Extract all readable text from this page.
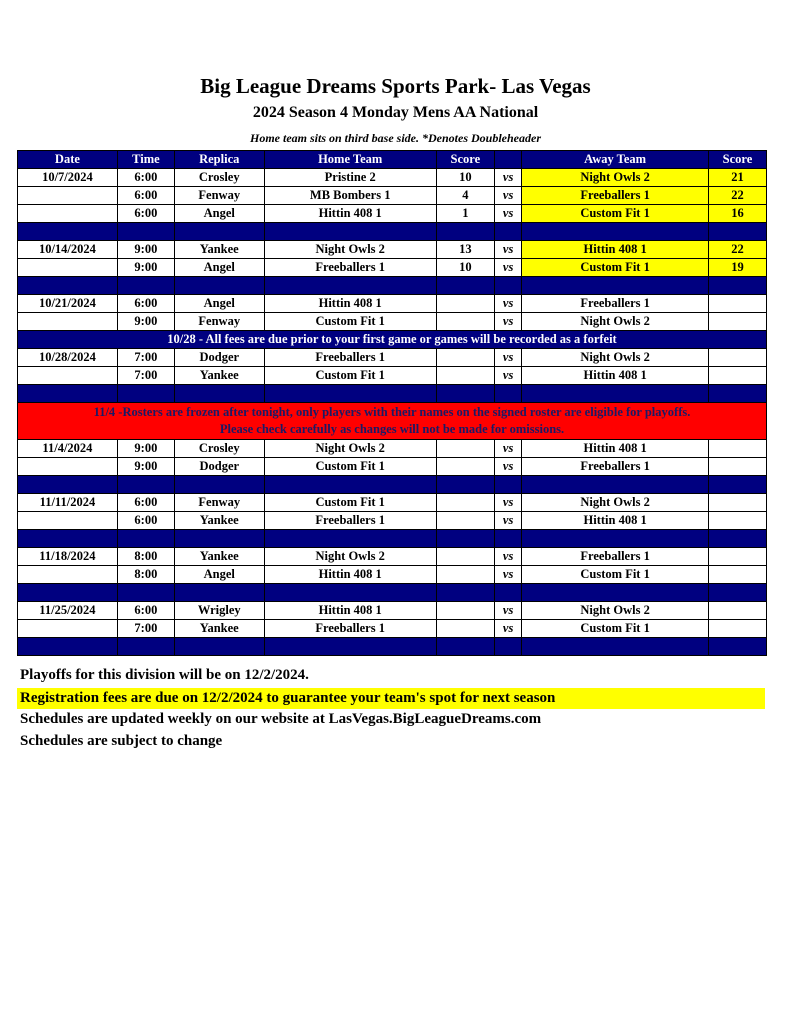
Big League Dreams Sports Park- Las Vegas
2024 Season 4 Monday Mens AA National
Home team sits on third base side. *Denotes Doubleheader
Date	Time	Replica	Home Team	Score		Away Team	Score
10/7/2024	6:00	Crosley	Pristine 2	10	vs	Night Owls 2	21
	6:00	Fenway	MB Bombers 1	4	vs	Freeballers 1	22
	6:00	Angel	Hittin 408 1	1	vs	Custom Fit 1	16

10/14/2024	9:00	Yankee	Night Owls 2	13	vs	Hittin 408 1	22
	9:00	Angel	Freeballers 1	10	vs	Custom Fit 1	19

10/21/2024	6:00	Angel	Hittin 408 1		vs	Freeballers 1	
	9:00	Fenway	Custom Fit 1		vs	Night Owls 2	
10/28 - All fees are due prior to your first game or games will be recorded as a forfeit							
10/28/2024	7:00	Dodger	Freeballers 1		vs	Night Owls 2	
	7:00	Yankee	Custom Fit 1		vs	Hittin 408 1	

11/4 -Rosters are frozen after tonight, only players with their names on the signed roster are eligible for playoffs.
Please check carefully as changes will not be made for omissions.							

11/4/2024	9:00	Crosley	Night Owls 2		vs	Hittin 408 1	
	9:00	Dodger	Custom Fit 1		vs	Freeballers 1	

11/11/2024	6:00	Fenway	Custom Fit 1		vs	Night Owls 2	
	6:00	Yankee	Freeballers 1		vs	Hittin 408 1	

11/18/2024	8:00	Yankee	Night Owls 2		vs	Freeballers 1	
	8:00	Angel	Hittin 408 1		vs	Custom Fit 1	

11/25/2024	6:00	Wrigley	Hittin 408 1		vs	Night Owls 2	
	7:00	Yankee	Freeballers 1		vs	Custom Fit 1	

Playoffs for this division will be on 12/2/2024.
Registration fees are due on 12/2/2024 to guarantee your team's spot for next season
Schedules are updated weekly on our website at LasVegas.BigLeagueDreams.com
Schedules are subject to change
